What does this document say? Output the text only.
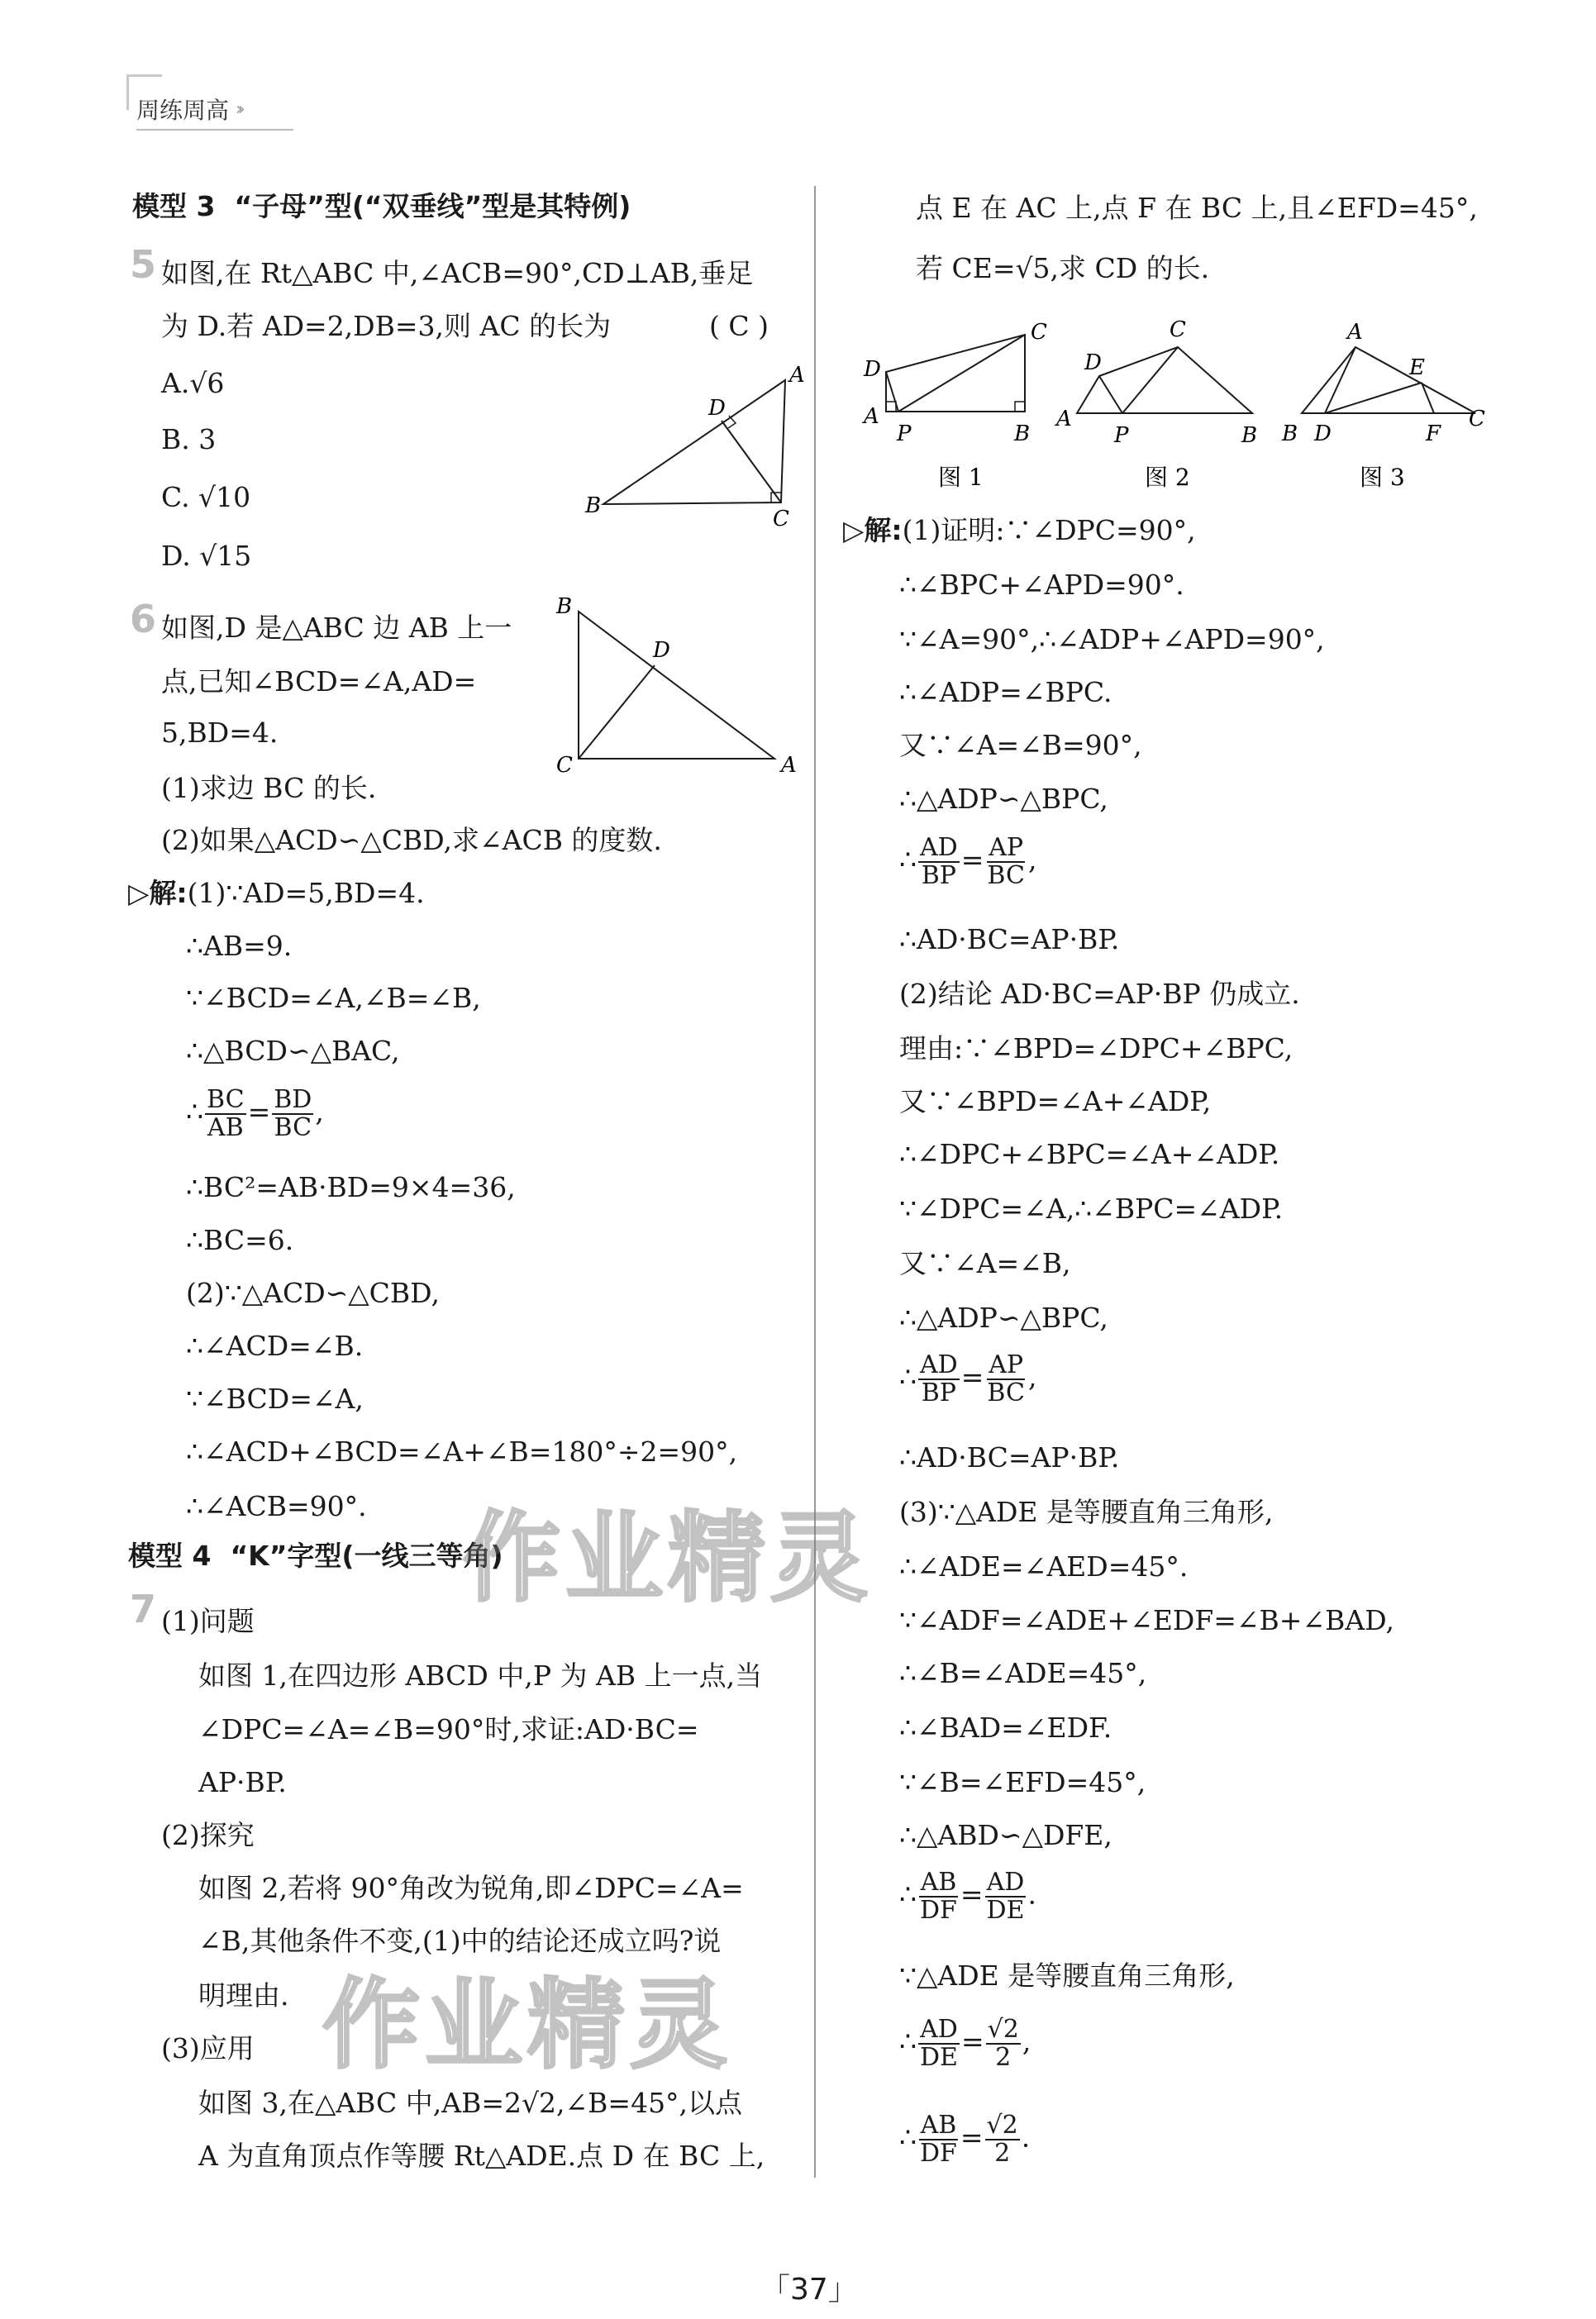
周练周高 ››
模型 3 “子母”型(“双垂线”型是其特例)
5 如图,在 Rt△ABC 中,∠ACB=90°,CD⊥AB,垂足
为 D.若 AD=2,DB=3,则 AC 的长为	( C )
A.√6
B. 3
C. √10
D. √15
A
D
B
C
6 如图,D 是△ABC 边 AB 上一
点,已知∠BCD=∠A,AD=
5,BD=4.
(1)求边 BC 的长.
(2)如果△ACD∽△CBD,求∠ACB 的度数.
B
D
C	A
▷解:(1)∵AD=5,BD=4.
∴AB=9.
∵∠BCD=∠A,∠B=∠B,
∴△BCD∽△BAC,
∴ $\frac{BC}{AB} = \frac{BD}{BC}$ ,
∴BC²=AB·BD=9×4=36,
∴BC=6.
(2)∵△ACD∽△CBD,
∴∠ACD=∠B.
∵∠BCD=∠A,
∴∠ACD+∠BCD=∠A+∠B=180°÷2=90°,
∴∠ACB=90°.
模型 4 “K”字型(一线三等角)
7 (1)问题
如图 1,在四边形 ABCD 中,P 为 AB 上一点,当
∠DPC=∠A=∠B=90°时,求证:AD·BC=
AP·BP.
(2)探究
如图 2,若将 90°角改为锐角,即∠DPC=∠A=
∠B,其他条件不变,(1)中的结论还成立吗?说
明理由.
(3)应用
如图 3,在△ABC 中,AB=2√2,∠B=45°,以点
A 为直角顶点作等腰 Rt△ADE.点 D 在 BC 上,
作业精灵
作业精灵
点 E 在 AC 上,点 F 在 BC 上,且∠EFD=45°,
若 CE=√5,求 CD 的长.
D
C
A
P	B
图 1
C
D
A
P	B
图 2
A
E
B D	F
C
图 3
▷解:(1)证明:∵∠DPC=90°,
∴∠BPC+∠APD=90°.
∵∠A=90°,∴∠ADP+∠APD=90°,
∴∠ADP=∠BPC.
又∵∠A=∠B=90°,
∴△ADP∽△BPC,
∴ $\frac{AD}{BP} = \frac{AP}{BC}$ ,
∴AD·BC=AP·BP.
(2)结论 AD·BC=AP·BP 仍成立.
理由:∵∠BPD=∠DPC+∠BPC,
又∵∠BPD=∠A+∠ADP,
∴∠DPC+∠BPC=∠A+∠ADP.
∵∠DPC=∠A,∴∠BPC=∠ADP.
又∵∠A=∠B,
∴△ADP∽△BPC,
∴ $\frac{AD}{BP} = \frac{AP}{BC}$ ,
∴AD·BC=AP·BP.
(3)∵△ADE 是等腰直角三角形,
∴∠ADE=∠AED=45°.
∵∠ADF=∠ADE+∠EDF=∠B+∠BAD,
∴∠B=∠ADE=45°,
∴∠BAD=∠EDF.
∵∠B=∠EFD=45°,
∴△ABD∽△DFE,
∴ $\frac{AB}{DF} = \frac{AD}{DE}$ .
∵△ADE 是等腰直角三角形,
∴ $\frac{AD}{DE} = \frac{√2}{2}$ ,
∴ $\frac{AB}{DF} = \frac{√2}{2}$ .
「37」
